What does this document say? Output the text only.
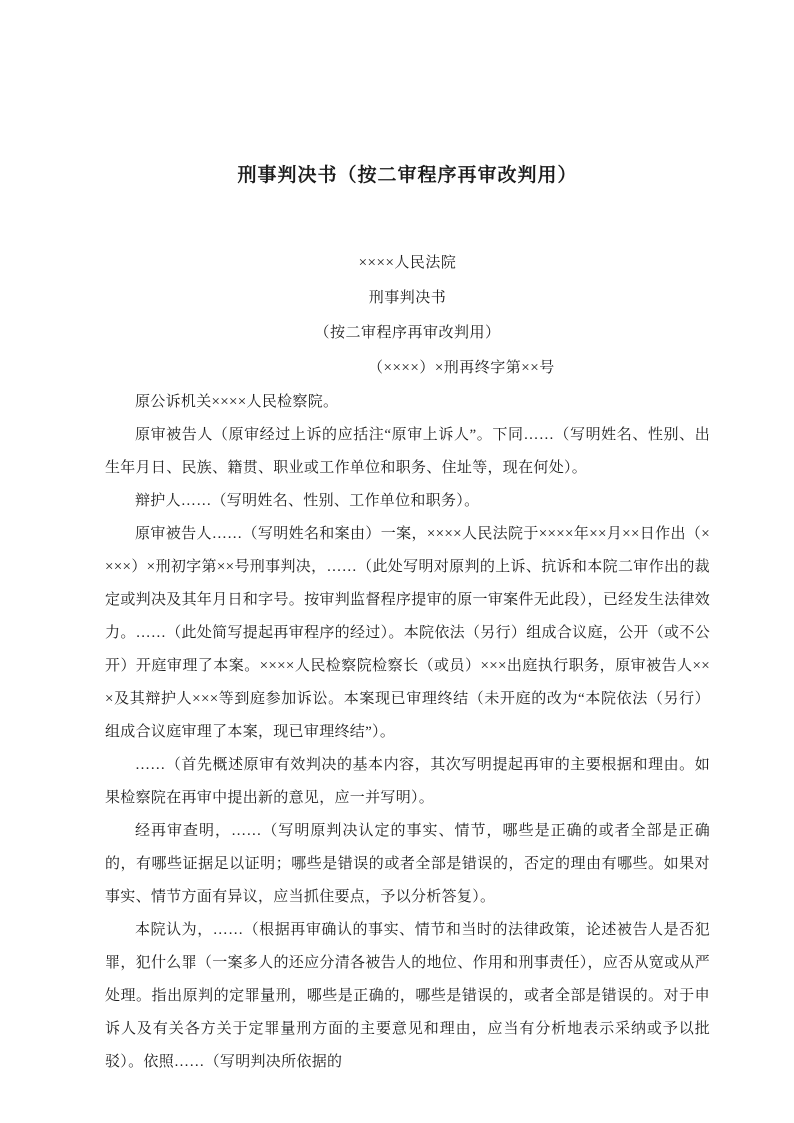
刑事判决书（按二审程序再审改判用）

××××人民法院

刑事判决书

（按二审程序再审改判用）

（××××）×刑再终字第××号

原公诉机关××××人民检察院。

原审被告人（原审经过上诉的应括注“原审上诉人”。下同……（写明姓名、性别、出生年月日、民族、籍贯、职业或工作单位和职务、住址等，现在何处）。

辩护人……（写明姓名、性别、工作单位和职务）。

原审被告人……（写明姓名和案由）一案，××××人民法院于××××年××月××日作出（××××）×刑初字第××号刑事判决，……（此处写明对原判的上诉、抗诉和本院二审作出的裁定或判决及其年月日和字号。按审判监督程序提审的原一审案件无此段），已经发生法律效力。……（此处简写提起再审程序的经过）。本院依法（另行）组成合议庭，公开（或不公开）开庭审理了本案。××××人民检察院检察长（或员）×××出庭执行职务，原审被告人×××及其辩护人×××等到庭参加诉讼。本案现已审理终结（未开庭的改为“本院依法（另行）组成合议庭审理了本案，现已审理终结”）。

……（首先概述原审有效判决的基本内容，其次写明提起再审的主要根据和理由。如果检察院在再审中提出新的意见，应一并写明）。

经再审查明，……（写明原判决认定的事实、情节，哪些是正确的或者全部是正确的，有哪些证据足以证明；哪些是错误的或者全部是错误的，否定的理由有哪些。如果对事实、情节方面有异议，应当抓住要点，予以分析答复）。

本院认为，……（根据再审确认的事实、情节和当时的法律政策，论述被告人是否犯罪，犯什么罪（一案多人的还应分清各被告人的地位、作用和刑事责任），应否从宽或从严处理。指出原判的定罪量刑，哪些是正确的，哪些是错误的，或者全部是错误的。对于申诉人及有关各方关于定罪量刑方面的主要意见和理由，应当有分析地表示采纳或予以批驳）。依照……（写明判决所依据的
